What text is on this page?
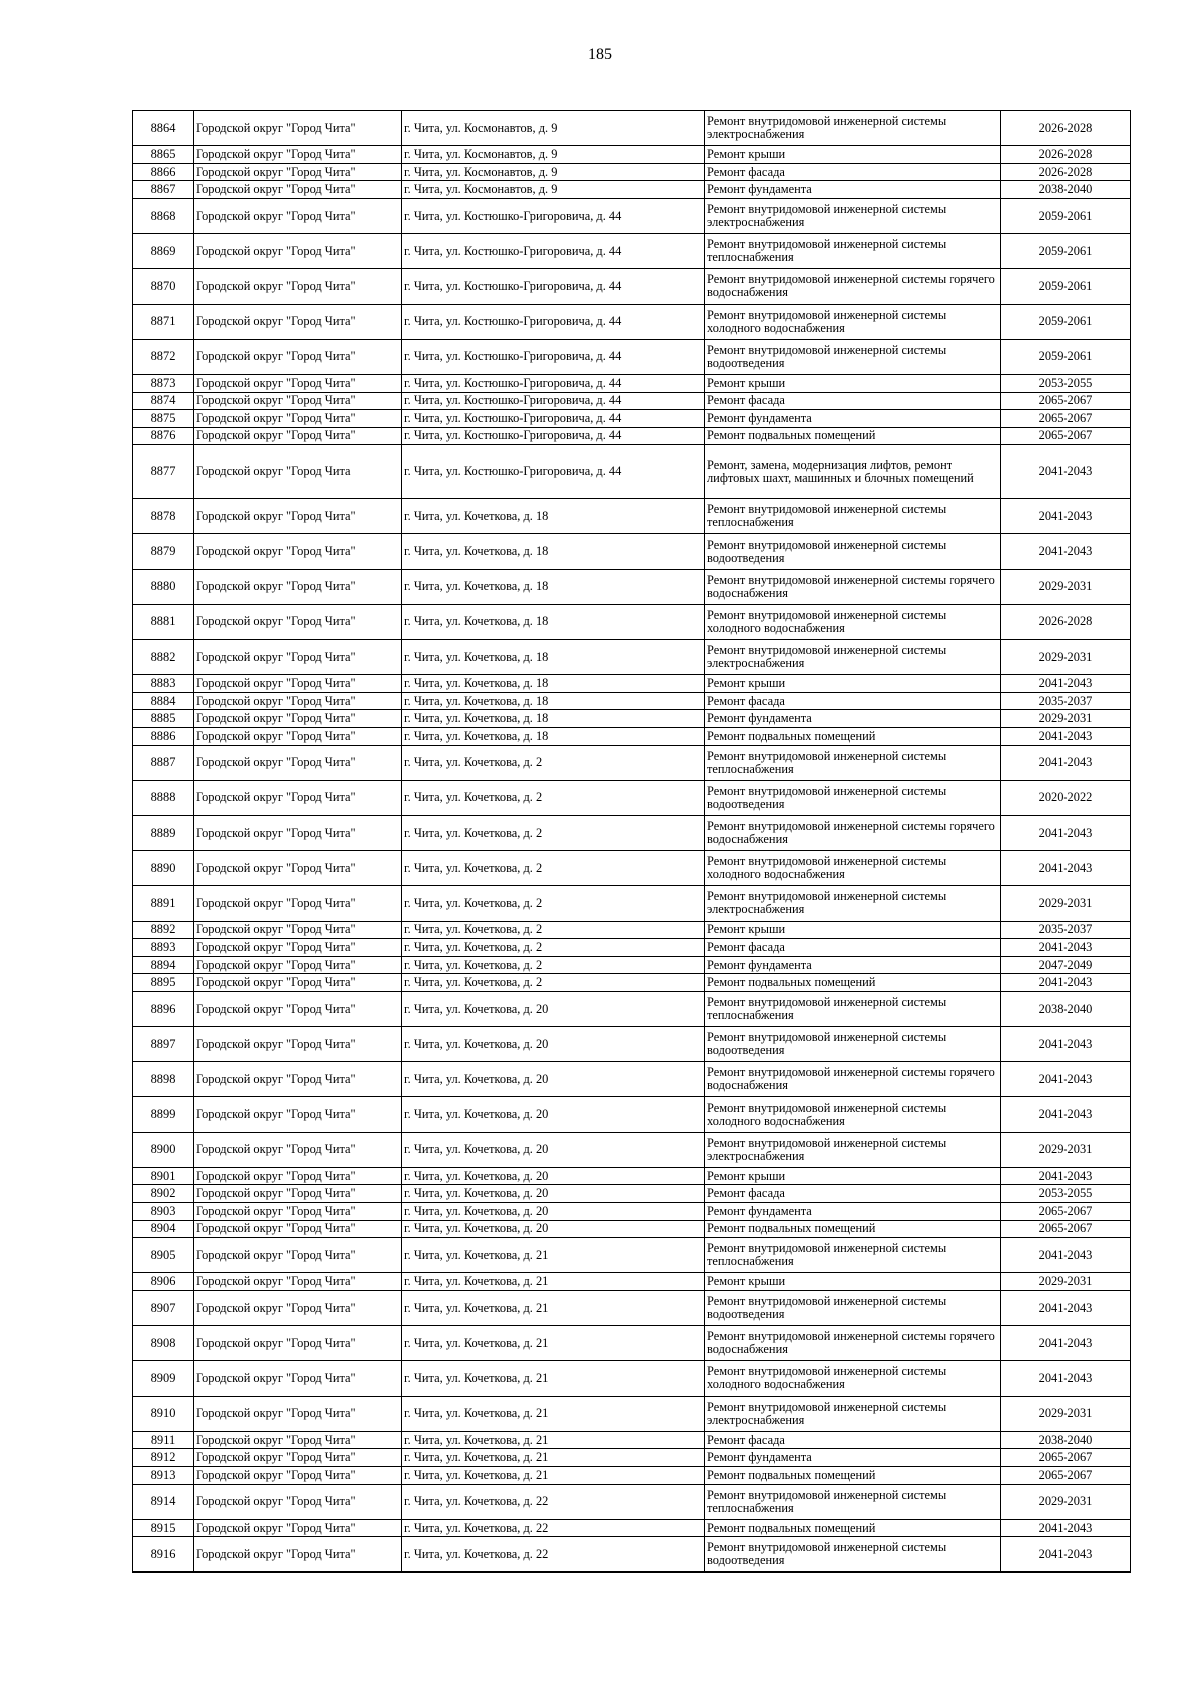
185
8864	Городской округ "Город Чита"	г. Чита, ул. Космонавтов, д. 9	Ремонт внутридомовой инженерной системы электроснабжения	2026-2028
8865	Городской округ "Город Чита"	г. Чита, ул. Космонавтов, д. 9	Ремонт крыши	2026-2028
8866	Городской округ "Город Чита"	г. Чита, ул. Космонавтов, д. 9	Ремонт фасада	2026-2028
8867	Городской округ "Город Чита"	г. Чита, ул. Космонавтов, д. 9	Ремонт фундамента	2038-2040
8868	Городской округ "Город Чита"	г. Чита, ул. Костюшко-Григоровича, д. 44	Ремонт внутридомовой инженерной системы электроснабжения	2059-2061
8869	Городской округ "Город Чита"	г. Чита, ул. Костюшко-Григоровича, д. 44	Ремонт внутридомовой инженерной системы теплоснабжения	2059-2061
8870	Городской округ "Город Чита"	г. Чита, ул. Костюшко-Григоровича, д. 44	Ремонт внутридомовой инженерной системы горячего водоснабжения	2059-2061
8871	Городской округ "Город Чита"	г. Чита, ул. Костюшко-Григоровича, д. 44	Ремонт внутридомовой инженерной системы холодного водоснабжения	2059-2061
8872	Городской округ "Город Чита"	г. Чита, ул. Костюшко-Григоровича, д. 44	Ремонт внутридомовой инженерной системы водоотведения	2059-2061
8873	Городской округ "Город Чита"	г. Чита, ул. Костюшко-Григоровича, д. 44	Ремонт крыши	2053-2055
8874	Городской округ "Город Чита"	г. Чита, ул. Костюшко-Григоровича, д. 44	Ремонт фасада	2065-2067
8875	Городской округ "Город Чита"	г. Чита, ул. Костюшко-Григоровича, д. 44	Ремонт фундамента	2065-2067
8876	Городской округ "Город Чита"	г. Чита, ул. Костюшко-Григоровича, д. 44	Ремонт подвальных помещений	2065-2067
8877	Городской округ "Город Чита	г. Чита, ул. Костюшко-Григоровича, д. 44	Ремонт, замена, модернизация лифтов, ремонт лифтовых шахт, машинных и блочных помещений	2041-2043
8878	Городской округ "Город Чита"	г. Чита, ул. Кочеткова, д. 18	Ремонт внутридомовой инженерной системы теплоснабжения	2041-2043
8879	Городской округ "Город Чита"	г. Чита, ул. Кочеткова, д. 18	Ремонт внутридомовой инженерной системы водоотведения	2041-2043
8880	Городской округ "Город Чита"	г. Чита, ул. Кочеткова, д. 18	Ремонт внутридомовой инженерной системы горячего водоснабжения	2029-2031
8881	Городской округ "Город Чита"	г. Чита, ул. Кочеткова, д. 18	Ремонт внутридомовой инженерной системы холодного водоснабжения	2026-2028
8882	Городской округ "Город Чита"	г. Чита, ул. Кочеткова, д. 18	Ремонт внутридомовой инженерной системы электроснабжения	2029-2031
8883	Городской округ "Город Чита"	г. Чита, ул. Кочеткова, д. 18	Ремонт крыши	2041-2043
8884	Городской округ "Город Чита"	г. Чита, ул. Кочеткова, д. 18	Ремонт фасада	2035-2037
8885	Городской округ "Город Чита"	г. Чита, ул. Кочеткова, д. 18	Ремонт фундамента	2029-2031
8886	Городской округ "Город Чита"	г. Чита, ул. Кочеткова, д. 18	Ремонт подвальных помещений	2041-2043
8887	Городской округ "Город Чита"	г. Чита, ул. Кочеткова, д. 2	Ремонт внутридомовой инженерной системы теплоснабжения	2041-2043
8888	Городской округ "Город Чита"	г. Чита, ул. Кочеткова, д. 2	Ремонт внутридомовой инженерной системы водоотведения	2020-2022
8889	Городской округ "Город Чита"	г. Чита, ул. Кочеткова, д. 2	Ремонт внутридомовой инженерной системы горячего водоснабжения	2041-2043
8890	Городской округ "Город Чита"	г. Чита, ул. Кочеткова, д. 2	Ремонт внутридомовой инженерной системы холодного водоснабжения	2041-2043
8891	Городской округ "Город Чита"	г. Чита, ул. Кочеткова, д. 2	Ремонт внутридомовой инженерной системы электроснабжения	2029-2031
8892	Городской округ "Город Чита"	г. Чита, ул. Кочеткова, д. 2	Ремонт крыши	2035-2037
8893	Городской округ "Город Чита"	г. Чита, ул. Кочеткова, д. 2	Ремонт фасада	2041-2043
8894	Городской округ "Город Чита"	г. Чита, ул. Кочеткова, д. 2	Ремонт фундамента	2047-2049
8895	Городской округ "Город Чита"	г. Чита, ул. Кочеткова, д. 2	Ремонт подвальных помещений	2041-2043
8896	Городской округ "Город Чита"	г. Чита, ул. Кочеткова, д. 20	Ремонт внутридомовой инженерной системы теплоснабжения	2038-2040
8897	Городской округ "Город Чита"	г. Чита, ул. Кочеткова, д. 20	Ремонт внутридомовой инженерной системы водоотведения	2041-2043
8898	Городской округ "Город Чита"	г. Чита, ул. Кочеткова, д. 20	Ремонт внутридомовой инженерной системы горячего водоснабжения	2041-2043
8899	Городской округ "Город Чита"	г. Чита, ул. Кочеткова, д. 20	Ремонт внутридомовой инженерной системы холодного водоснабжения	2041-2043
8900	Городской округ "Город Чита"	г. Чита, ул. Кочеткова, д. 20	Ремонт внутридомовой инженерной системы электроснабжения	2029-2031
8901	Городской округ "Город Чита"	г. Чита, ул. Кочеткова, д. 20	Ремонт крыши	2041-2043
8902	Городской округ "Город Чита"	г. Чита, ул. Кочеткова, д. 20	Ремонт фасада	2053-2055
8903	Городской округ "Город Чита"	г. Чита, ул. Кочеткова, д. 20	Ремонт фундамента	2065-2067
8904	Городской округ "Город Чита"	г. Чита, ул. Кочеткова, д. 20	Ремонт подвальных помещений	2065-2067
8905	Городской округ "Город Чита"	г. Чита, ул. Кочеткова, д. 21	Ремонт внутридомовой инженерной системы теплоснабжения	2041-2043
8906	Городской округ "Город Чита"	г. Чита, ул. Кочеткова, д. 21	Ремонт крыши	2029-2031
8907	Городской округ "Город Чита"	г. Чита, ул. Кочеткова, д. 21	Ремонт внутридомовой инженерной системы водоотведения	2041-2043
8908	Городской округ "Город Чита"	г. Чита, ул. Кочеткова, д. 21	Ремонт внутридомовой инженерной системы горячего водоснабжения	2041-2043
8909	Городской округ "Город Чита"	г. Чита, ул. Кочеткова, д. 21	Ремонт внутридомовой инженерной системы холодного водоснабжения	2041-2043
8910	Городской округ "Город Чита"	г. Чита, ул. Кочеткова, д. 21	Ремонт внутридомовой инженерной системы электроснабжения	2029-2031
8911	Городской округ "Город Чита"	г. Чита, ул. Кочеткова, д. 21	Ремонт фасада	2038-2040
8912	Городской округ "Город Чита"	г. Чита, ул. Кочеткова, д. 21	Ремонт фундамента	2065-2067
8913	Городской округ "Город Чита"	г. Чита, ул. Кочеткова, д. 21	Ремонт подвальных помещений	2065-2067
8914	Городской округ "Город Чита"	г. Чита, ул. Кочеткова, д. 22	Ремонт внутридомовой инженерной системы теплоснабжения	2029-2031
8915	Городской округ "Город Чита"	г. Чита, ул. Кочеткова, д. 22	Ремонт подвальных помещений	2041-2043
8916	Городской округ "Город Чита"	г. Чита, ул. Кочеткова, д. 22	Ремонт внутридомовой инженерной системы водоотведения	2041-2043
